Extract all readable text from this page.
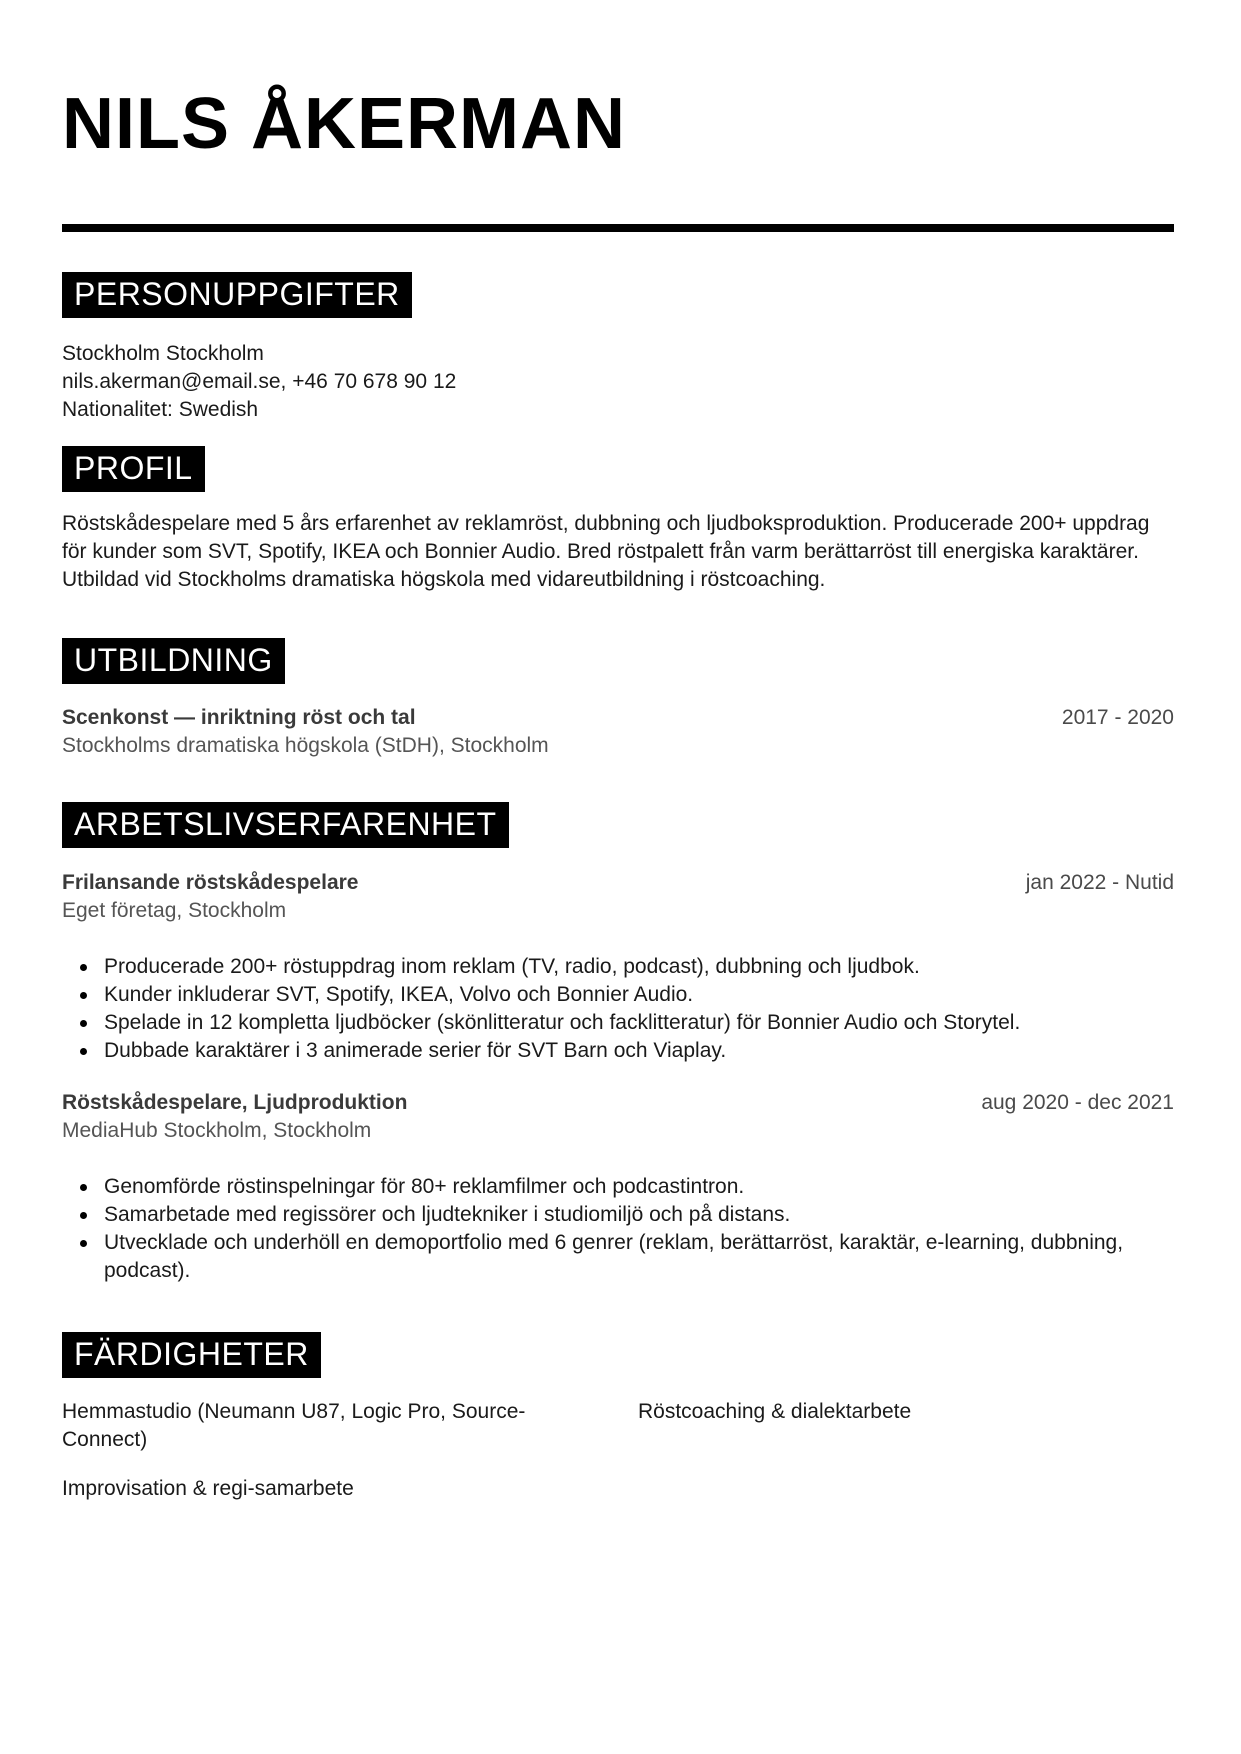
NILS ÅKERMAN
PERSONUPPGIFTER
Stockholm Stockholm
nils.akerman@email.se, +46 70 678 90 12
Nationalitet: Swedish
PROFIL
Röstskådespelare med 5 års erfarenhet av reklamröst, dubbning och ljudboksproduktion. Producerade 200+ uppdrag för kunder som SVT, Spotify, IKEA och Bonnier Audio. Bred röstpalett från varm berättarröst till energiska karaktärer. Utbildad vid Stockholms dramatiska högskola med vidareutbildning i röstcoaching.
UTBILDNING
Scenkonst — inriktning röst och tal	2017 - 2020
Stockholms dramatiska högskola (StDH), Stockholm
ARBETSLIVSERFARENHET
Frilansande röstskådespelare	jan 2022 - Nutid
Eget företag, Stockholm
Producerade 200+ röstuppdrag inom reklam (TV, radio, podcast), dubbning och ljudbok.
Kunder inkluderar SVT, Spotify, IKEA, Volvo och Bonnier Audio.
Spelade in 12 kompletta ljudböcker (skönlitteratur och facklitteratur) för Bonnier Audio och Storytel.
Dubbade karaktärer i 3 animerade serier för SVT Barn och Viaplay.
Röstskådespelare, Ljudproduktion	aug 2020 - dec 2021
MediaHub Stockholm, Stockholm
Genomförde röstinspelningar för 80+ reklamfilmer och podcastintron.
Samarbetade med regissörer och ljudtekniker i studiomiljö och på distans.
Utvecklade och underhöll en demoportfolio med 6 genrer (reklam, berättarröst, karaktär, e-learning, dubbning, podcast).
FÄRDIGHETER
Hemmastudio (Neumann U87, Logic Pro, Source-Connect)
Röstcoaching & dialektarbete
Improvisation & regi-samarbete
